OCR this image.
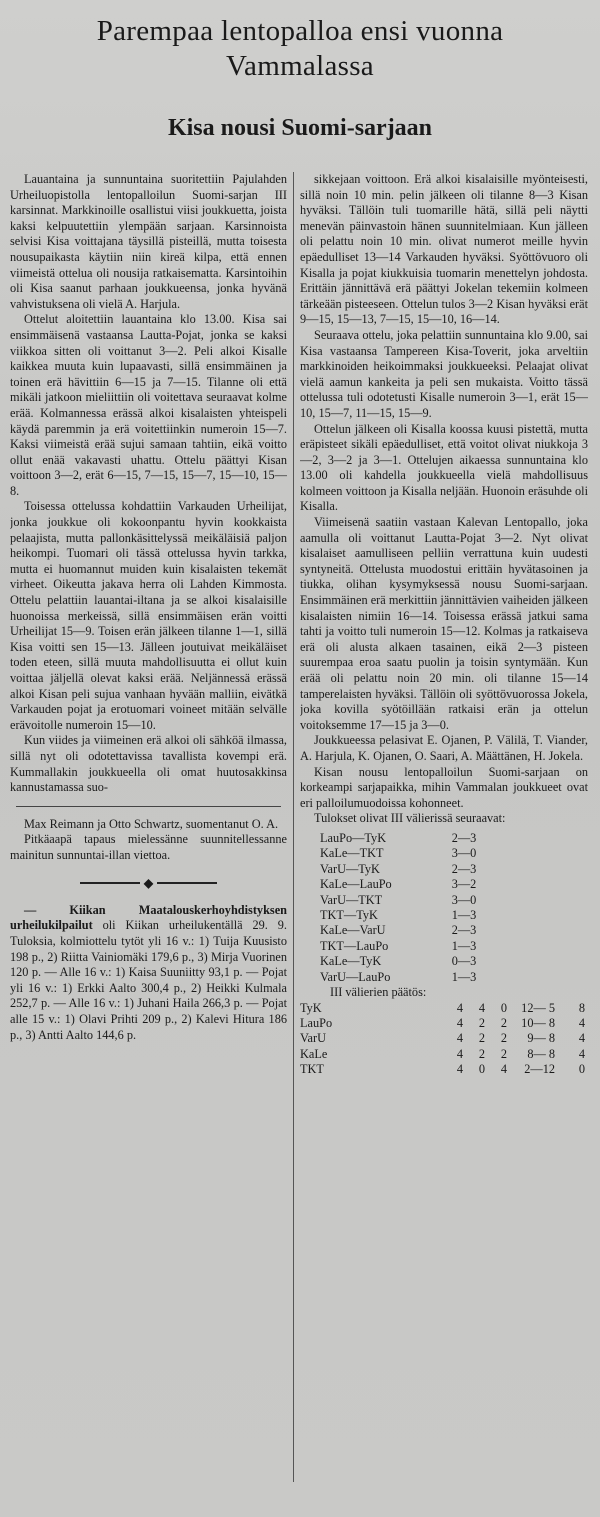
Parempaa lentopalloa ensi vuonna
Vammalassa
Kisa nousi Suomi-sarjaan

Lauantaina ja sunnuntaina suoritettiin Pajulahden Urheiluopistolla lentopalloilun Suomi-sarjan III karsinnat. Markkinoille osallistui viisi joukkuetta, joista kaksi kelpuutettiin ylempään sarjaan. Karsinnoista selvisi Kisa voittajana täysillä pisteillä, mutta toisesta nousupaikasta käytiin niin kireä kilpa, että ennen viimeistä ottelua oli nousija ratkaisematta. Karsintoihin oli Kisa saanut parhaan joukkueensa, jonka hyvänä vahvistuksena oli vielä A. Harjula.

Ottelut aloitettiin lauantaina klo 13.00. Kisa sai ensimmäisenä vastaansa Lautta-Pojat, jonka se kaksi viikkoa sitten oli voittanut 3—2. Peli alkoi Kisalle kaikkea muuta kuin lupaavasti, sillä ensimmäinen ja toinen erä hävittiin 6—15 ja 7—15. Tilanne oli että mikäli jatkoon mieliittiin oli voitettava seuraavat kolme erää. Kolmannessa erässä alkoi kisalaisten yhteispeli käydä paremmin ja erä voitettiinkin numeroin 15—7. Kaksi viimeistä erää sujui samaan tahtiin, eikä voitto ollut enää vakavasti uhattu. Ottelu päättyi Kisan voittoon 3—2, erät 6—15, 7—15, 15—7, 15—10, 15—8.

Toisessa ottelussa kohdattiin Varkauden Urheilijat, jonka joukkue oli kokoonpantu hyvin kookkaista pelaajista, mutta pallonkäsittelyssä meikäläisiä paljon heikompi. Tuomari oli tässä ottelussa hyvin tarkka, mutta ei huomannut muiden kuin kisalaisten tekemät virheet. Oikeutta jakava herra oli Lahden Kimmosta. Ottelu pelattiin lauantai-iltana ja se alkoi kisalaisille huonoissa merkeissä, sillä ensimmäisen erän voitti Urheilijat 15—9. Toisen erän jälkeen tilanne 1—1, sillä Kisa voitti sen 15—13. Jälleen joutuivat meikäläiset toden eteen, sillä muuta mahdollisuutta ei ollut kuin voittaa jäljellä olevat kaksi erää. Neljännessä erässä alkoi Kisan peli sujua vanhaan hyvään malliin, eivätkä Varkauden pojat ja erotuomari voineet mitään selvälle erävoitolle numeroin 15—10.

Kun viides ja viimeinen erä alkoi oli sähköä ilmassa, sillä nyt oli odotettavissa tavallista kovempi erä. Kummallakin joukkueella oli omat huutosakkinsa kannustamassa suo-

Max Reimann ja Otto Schwartz, suomentanut O. A.

Pitkäaapä tapaus mielessänne suunnitellessanne mainitun sunnuntai-illan viettoa.

◆

— Kiikan Maatalouskerhoyhdistyksen urheilukilpailut oli Kiikan urheilukentällä 29. 9. Tuloksia, kolmiottelu tytöt yli 16 v.: 1) Tuija Kuusisto 198 p., 2) Riitta Vainiomäki 179,6 p., 3) Mirja Vuorinen 120 p. — Alle 16 v.: 1) Kaisa Suuniitty 93,1 p. — Pojat yli 16 v.: 1) Erkki Aalto 300,4 p., 2) Heikki Kulmala 252,7 p. — Alle 16 v.: 1) Juhani Haila 266,3 p. — Pojat alle 15 v.: 1) Olavi Prihti 209 p., 2) Kalevi Hitura 186 p., 3) Antti Aalto 144,6 p.

sikkejaan voittoon. Erä alkoi kisalaisille myönteisesti, sillä noin 10 min. pelin jälkeen oli tilanne 8—3 Kisan hyväksi. Tällöin tuli tuomarille hätä, sillä peli näytti menevän päinvastoin hänen suunnitelmiaan. Kun jälleen oli pelattu noin 10 min. olivat numerot meille hyvin epäedulliset 13—14 Varkauden hyväksi. Syöttövuoro oli Kisalla ja pojat kiukkuisia tuomarin menettelyn johdosta. Erittäin jännittävä erä päättyi Jokelan tekemiin kolmeen tärkeään pisteeseen. Ottelun tulos 3—2 Kisan hyväksi erät 9—15, 15—13, 7—15, 15—10, 16—14.

Seuraava ottelu, joka pelattiin sunnuntaina klo 9.00, sai Kisa vastaansa Tampereen Kisa-Toverit, joka arveltiin markkinoiden heikoimmaksi joukkueeksi. Pelaajat olivat vielä aamun kankeita ja peli sen mukaista. Voitto tässä ottelussa tuli odotetusti Kisalle numeroin 3—1, erät 15—10, 15—7, 11—15, 15—9.

Ottelun jälkeen oli Kisalla koossa kuusi pistettä, mutta eräpisteet sikäli epäedulliset, että voitot olivat niukkoja 3—2, 3—2 ja 3—1. Ottelujen aikaessa sunnuntaina klo 13.00 oli kahdella joukkueella vielä mahdollisuus kolmeen voittoon ja Kisalla neljään. Huonoin eräsuhde oli Kisalla.

Viimeisenä saatiin vastaan Kalevan Lentopallo, joka aamulla oli voittanut Lautta-Pojat 3—2. Nyt olivat kisalaiset aamulliseen pelliin verrattuna kuin uudesti syntyneitä. Ottelusta muodostui erittäin hyvätasoinen ja tiukka, olihan kysymyksessä nousu Suomi-sarjaan. Ensimmäinen erä merkittiin jännittävien vaiheiden jälkeen kisalaisten nimiin 16—14. Toisessa erässä jatkui sama tahti ja voitto tuli numeroin 15—12. Kolmas ja ratkaiseva erä oli alusta alkaen tasainen, eikä 2—3 pisteen suurempaa eroa saatu puolin ja toisin syntymään. Kun erää oli pelattu noin 20 min. oli tilanne 15—14 tamperelaisten hyväksi. Tällöin oli syöttövuorossa Jokela, joka kovilla syötöillään ratkaisi erän ja ottelun voitoksemme 17—15 ja 3—0.

Joukkueessa pelasivat E. Ojanen, P. Välilä, T. Viander, A. Harjula, K. Ojanen, O. Saari, A. Määttänen, H. Jokela.

Kisan nousu lentopalloilun Suomi-sarjaan on korkeampi sarjapaikka, mihin Vammalan joukkueet ovat eri palloilumuodoissa kohonneet.

Tulokset olivat III välierissä seuraavat:

LauPo—TyK	2—3
KaLe—TKT	3—0
VarU—TyK	2—3
KaLe—LauPo	3—2
VarU—TKT	3—0
TKT—TyK	1—3
KaLe—VarU	2—3
TKT—LauPo	1—3
KaLe—TyK	0—3
VarU—LauPo	1—3
III välierien päätös:
TyK	4	4	0	12— 5	8
LauPo	4	2	2	10— 8	4
VarU	4	2	2	9— 8	4
KaLe	4	2	2	8— 8	4
TKT	4	0	4	2—12	0
